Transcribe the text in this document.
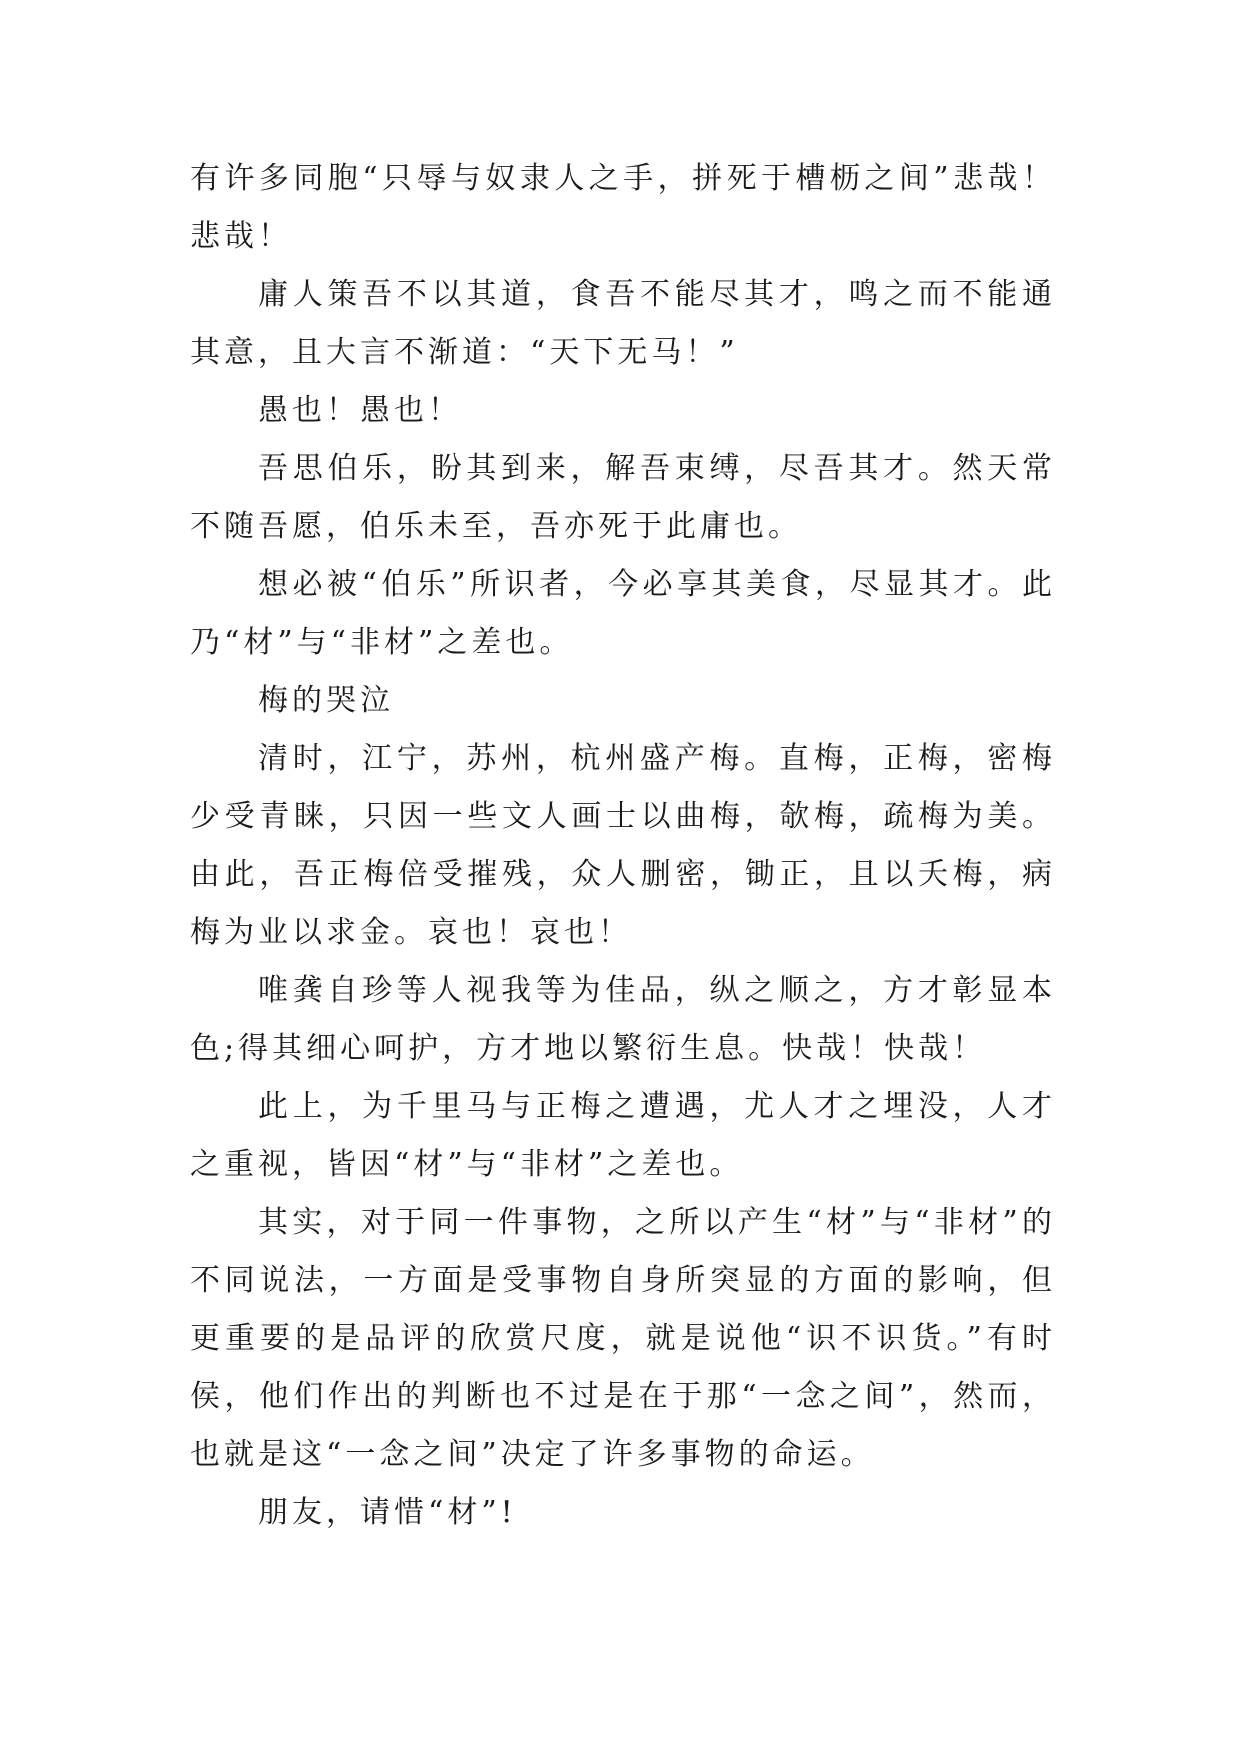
有许多同胞“只辱与奴隶人之手，拼死于槽枥之间”悲哉！悲哉！

庸人策吾不以其道，食吾不能尽其才，鸣之而不能通其意，且大言不渐道：“天下无马！”

愚也！愚也！

吾思伯乐，盼其到来，解吾束缚，尽吾其才。然天常不随吾愿，伯乐未至，吾亦死于此庸也。

想必被“伯乐”所识者，今必享其美食，尽显其才。此乃“材”与“非材”之差也。

梅的哭泣

清时，江宁，苏州，杭州盛产梅。直梅，正梅，密梅少受青睐，只因一些文人画士以曲梅，欹梅，疏梅为美。由此，吾正梅倍受摧残，众人删密，锄正，且以夭梅，病梅为业以求金。哀也！哀也！

唯龚自珍等人视我等为佳品，纵之顺之，方才彰显本色;得其细心呵护，方才地以繁衍生息。快哉！快哉！

此上，为千里马与正梅之遭遇，尤人才之埋没，人才之重视，皆因“材”与“非材”之差也。

其实，对于同一件事物，之所以产生“材”与“非材”的不同说法，一方面是受事物自身所突显的方面的影响，但更重要的是品评的欣赏尺度，就是说他“识不识货。”有时侯，他们作出的判断也不过是在于那“一念之间”，然而，也就是这“一念之间”决定了许多事物的命运。

朋友，请惜“材”!
